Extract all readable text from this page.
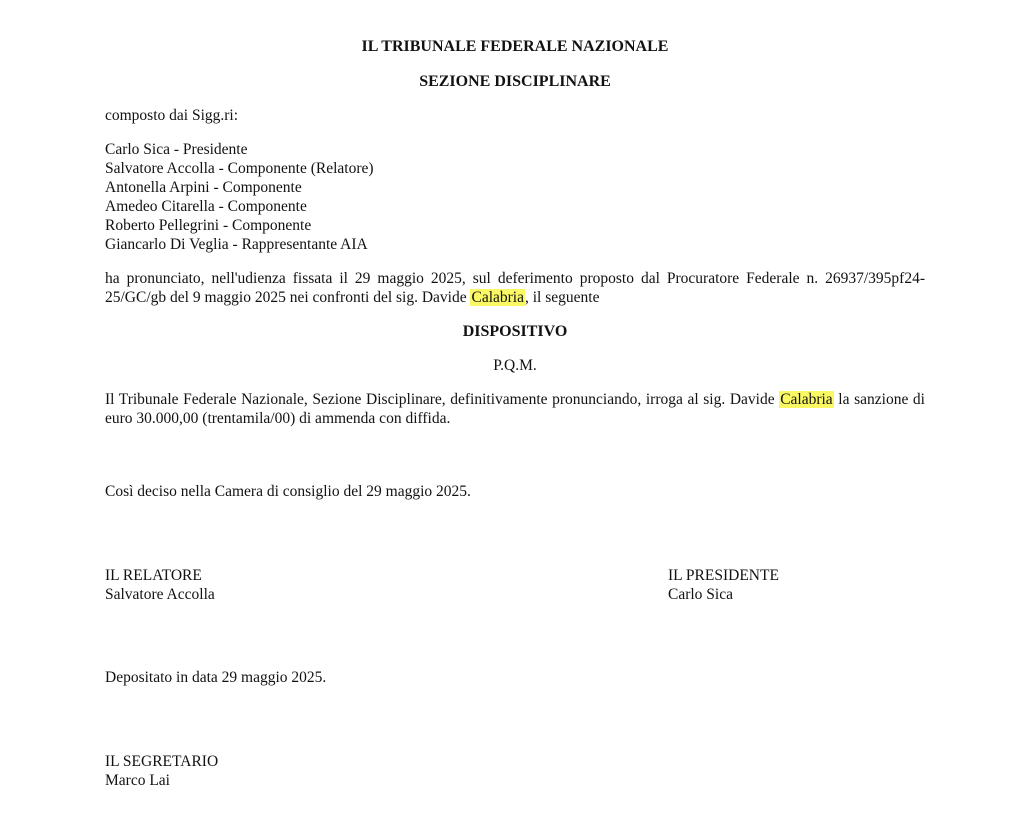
IL TRIBUNALE FEDERALE NAZIONALE
SEZIONE DISCIPLINARE
composto dai Sigg.ri:
Carlo Sica - Presidente
Salvatore Accolla - Componente (Relatore)
Antonella Arpini - Componente
Amedeo Citarella - Componente
Roberto Pellegrini - Componente
Giancarlo Di Veglia - Rappresentante AIA
ha pronunciato, nell'udienza fissata il 29 maggio 2025, sul deferimento proposto dal Procuratore Federale n. 26937/395pf24-
25/GC/gb del 9 maggio 2025 nei confronti del sig. Davide Calabria, il seguente
DISPOSITIVO
P.Q.M.
Il Tribunale Federale Nazionale, Sezione Disciplinare, definitivamente pronunciando, irroga al sig. Davide Calabria la sanzione di
euro 30.000,00 (trentamila/00) di ammenda con diffida.
Così deciso nella Camera di consiglio del 29 maggio 2025.
IL RELATORE
Salvatore Accolla
IL PRESIDENTE
Carlo Sica
Depositato in data 29 maggio 2025.
IL SEGRETARIO
Marco Lai
